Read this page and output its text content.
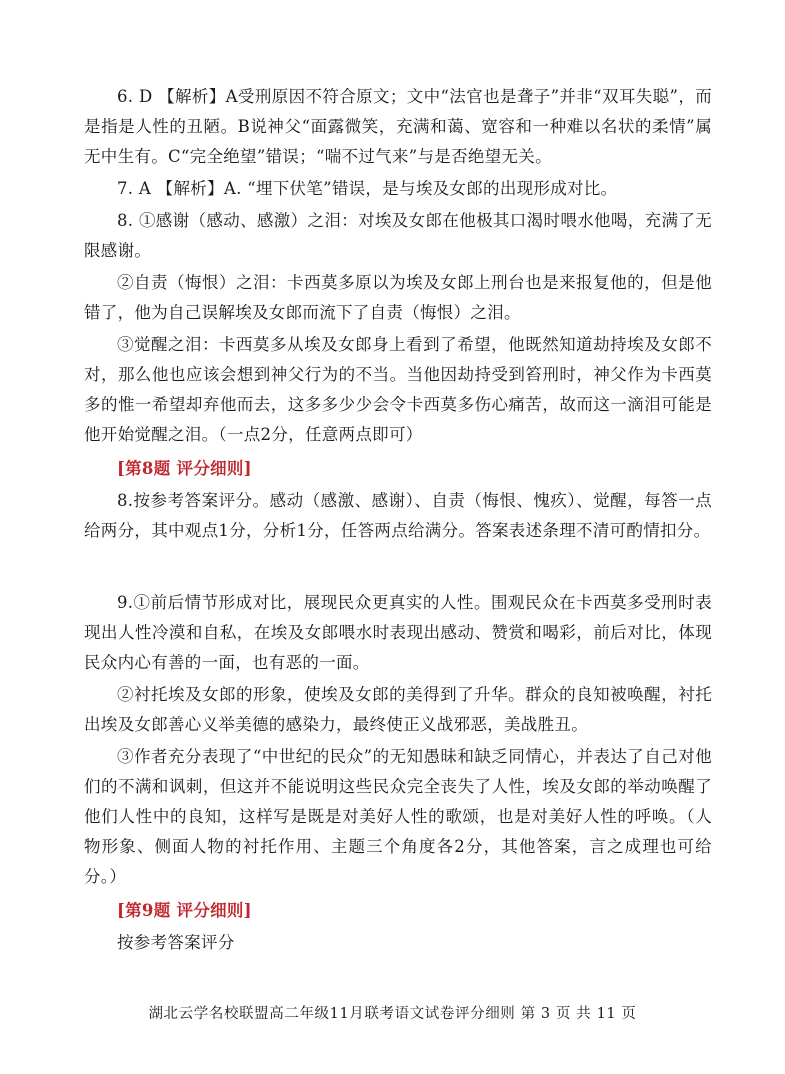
6. D 【解析】A受刑原因不符合原文；文中“法官也是聋子”并非“双耳失聪”，而是指是人性的丑陋。B说神父“面露微笑，充满和蔼、宽容和一种难以名状的柔情”属无中生有。C“完全绝望”错误；“喘不过气来”与是否绝望无关。

7. A 【解析】A. “埋下伏笔”错误，是与埃及女郎的出现形成对比。

8. ①感谢（感动、感激）之泪：对埃及女郎在他极其口渴时喂水他喝，充满了无限感谢。

②自责（悔恨）之泪：卡西莫多原以为埃及女郎上刑台也是来报复他的，但是他错了，他为自己误解埃及女郎而流下了自责（悔恨）之泪。

③觉醒之泪：卡西莫多从埃及女郎身上看到了希望，他既然知道劫持埃及女郎不对，那么他也应该会想到神父行为的不当。当他因劫持受到笞刑时，神父作为卡西莫多的惟一希望却弃他而去，这多多少少会令卡西莫多伤心痛苦，故而这一滴泪可能是他开始觉醒之泪。（一点2分，任意两点即可）

[第8题 评分细则]

8.按参考答案评分。感动（感激、感谢）、自责（悔恨、愧疚）、觉醒，每答一点给两分，其中观点1分，分析1分，任答两点给满分。答案表述条理不清可酌情扣分。

9.①前后情节形成对比，展现民众更真实的人性。围观民众在卡西莫多受刑时表现出人性冷漠和自私，在埃及女郎喂水时表现出感动、赞赏和喝彩，前后对比，体现民众内心有善的一面，也有恶的一面。

②衬托埃及女郎的形象，使埃及女郎的美得到了升华。群众的良知被唤醒，衬托出埃及女郎善心义举美德的感染力，最终使正义战邪恶，美战胜丑。

③作者充分表现了“中世纪的民众”的无知愚昧和缺乏同情心，并表达了自己对他们的不满和讽刺，但这并不能说明这些民众完全丧失了人性，埃及女郎的举动唤醒了他们人性中的良知，这样写是既是对美好人性的歌颂，也是对美好人性的呼唤。（人物形象、侧面人物的衬托作用、主题三个角度各2分，其他答案，言之成理也可给分。）

[第9题 评分细则]

按参考答案评分

湖北云学名校联盟高二年级11月联考语文试卷评分细则 第 3 页 共 11 页
